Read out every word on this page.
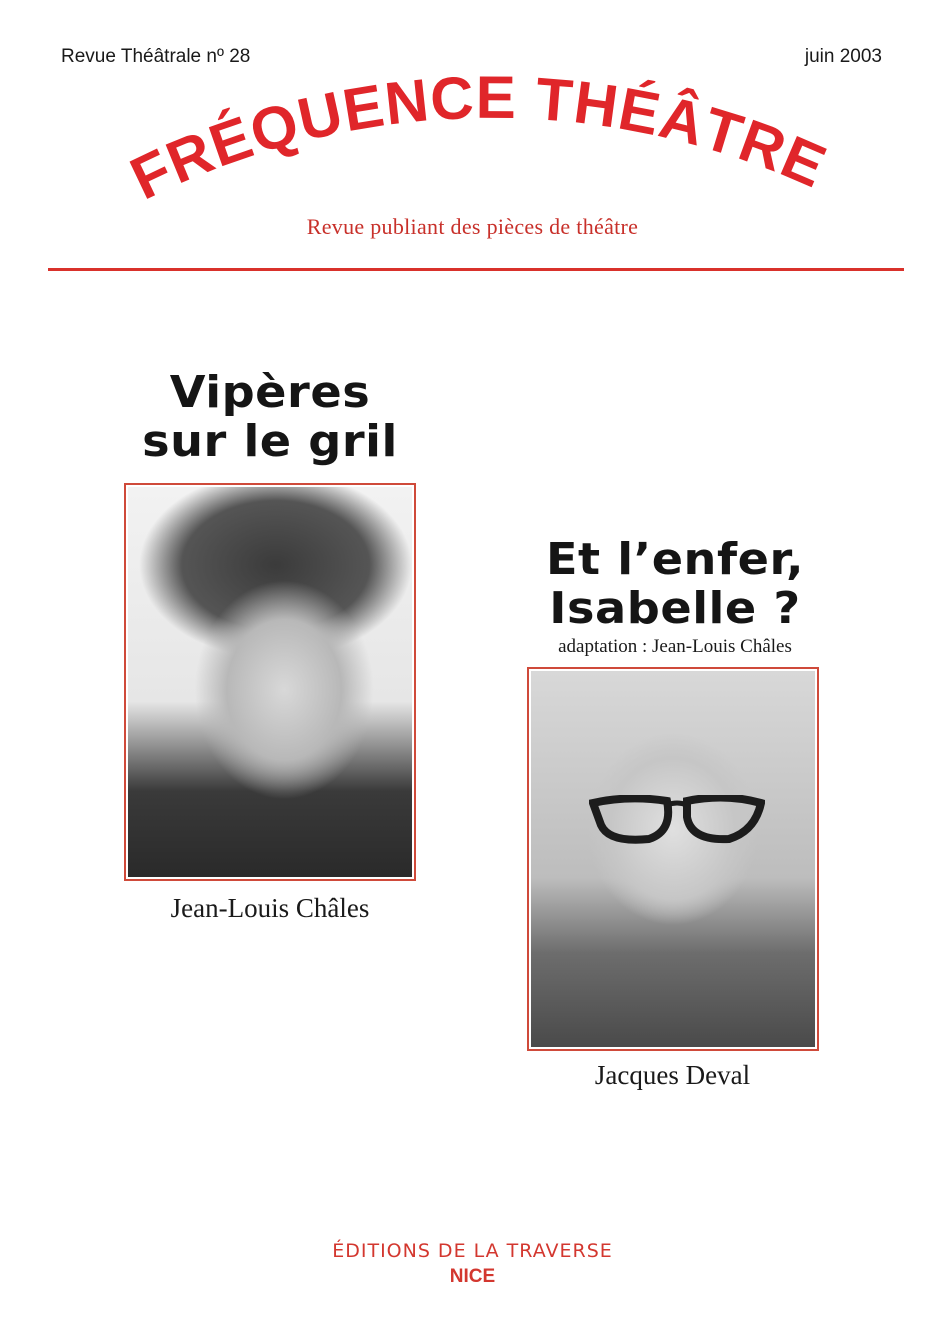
Revue Théâtrale nº 28	juin 2003
FRÉQUENCE THÉÂTRE
Revue publiant des pièces de théâtre
Vipères
sur le gril
Jean-Louis Châles
Et l’enfer,
Isabelle ?
adaptation : Jean-Louis Châles
Jacques Deval
ÉDITIONS DE LA TRAVERSE
NICE
